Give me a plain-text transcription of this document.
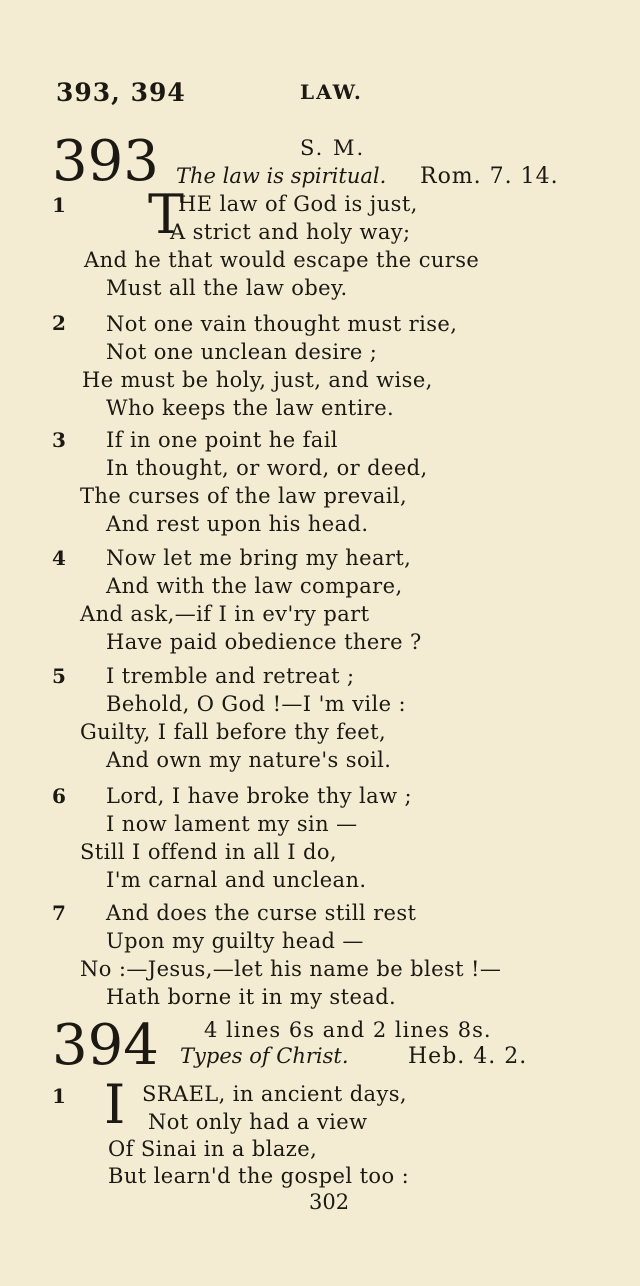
393, 394	LAW.
393	S. M.
The law is spiritual. Rom. 7. 14.
1 T
HE law of God is just,
A strict and holy way;
And he that would escape the curse
Must all the law obey.
2 Not one vain thought must rise,
Not one unclean desire ;
He must be holy, just, and wise,
Who keeps the law entire.
3 If in one point he fail
In thought, or word, or deed,
The curses of the law prevail,
And rest upon his head.
4 Now let me bring my heart,
And with the law compare,
And ask,—if I in ev'ry part
Have paid obedience there ?
5 I tremble and retreat ;
Behold, O God !—I 'm vile :
Guilty, I fall before thy feet,
And own my nature's soil.
6 Lord, I have broke thy law ;
I now lament my sin —
Still I offend in all I do,
I'm carnal and unclean.
7 And does the curse still rest
Upon my guilty head —
No :—Jesus,—let his name be blest !—
Hath borne it in my stead.
394 4 lines 6s and 2 lines 8s.
Types of Christ.	Heb. 4. 2.
1 I SRAEL, in ancient days,
Not only had a view
Of Sinai in a blaze,
But learn'd the gospel too :
302
